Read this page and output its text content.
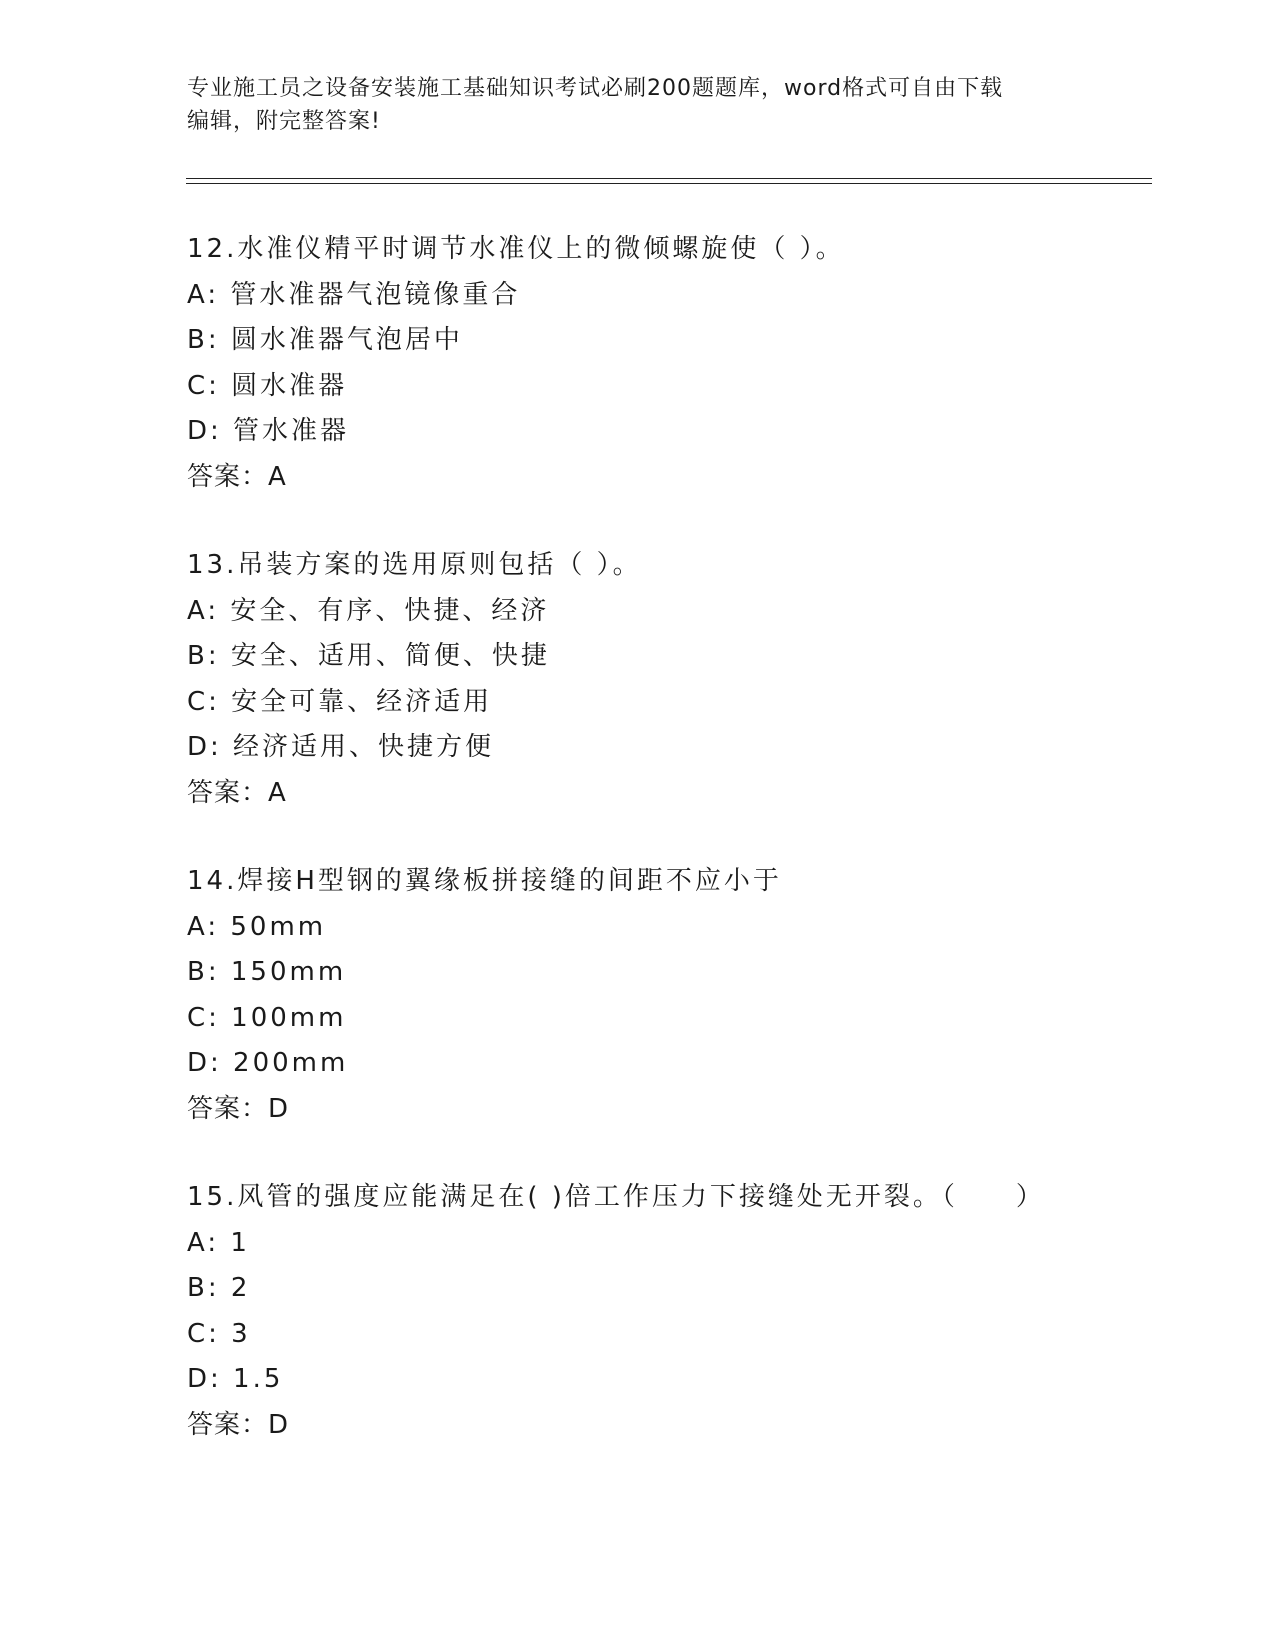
专业施工员之设备安装施工基础知识考试必刷200题题库，word格式可自由下载
编辑，附完整答案!
12.水准仪精平时调节水准仪上的微倾螺旋使（ ）。
A: 管水准器气泡镜像重合
B: 圆水准器气泡居中
C: 圆水准器
D: 管水准器
答案：A
13.吊装方案的选用原则包括（ ）。
A: 安全、有序、快捷、经济
B: 安全、适用、简便、快捷
C: 安全可靠、经济适用
D: 经济适用、快捷方便
答案：A
14.焊接H型钢的翼缘板拼接缝的间距不应小于
A: 50mm
B: 150mm
C: 100mm
D: 200mm
答案：D
15.风管的强度应能满足在( )倍工作压力下接缝处无开裂。（　　）
A: 1
B: 2
C: 3
D: 1.5
答案：D
